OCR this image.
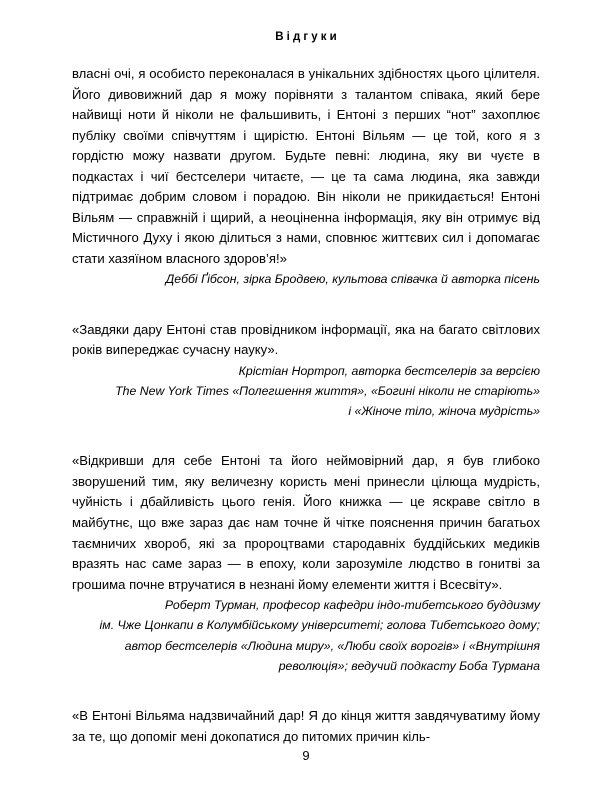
Відгуки

власні очі, я особисто переконалася в унікальних здібностях цього цілителя. Його дивовижний дар я можу порівняти з талантом співака, який бере найвищі ноти й ніколи не фальшивить, і Ентоні з перших “нот” захоплює публіку своїми співчуттям і щирістю. Ентоні Вільям — це той, кого я з гордістю можу назвати другом. Будьте певні: людина, яку ви чуєте в подкастах і чиї бестселери читаєте, — це та сама людина, яка завжди підтримає добрим словом і порадою. Він ніколи не прикидається! Ентоні Вільям — справжній і щирий, а неоціненна інформація, яку він отримує від Містичного Духу і якою ділиться з нами, сповнює життєвих сил і допомагає стати хазяїном власного здоров’я!»

Деббі Ґібсон, зірка Бродвею, культова співачка й авторка пісень

«Завдяки дару Ентоні став провідником інформації, яка на багато світлових років випереджає сучасну науку».

Крістіан Нортроп, авторка бестселерів за версією

The New York Times «Полегшення життя», «Богині ніколи не старіють»

і «Жіноче тіло, жіноча мудрість»

«Відкривши для себе Ентоні та його неймовірний дар, я був глибоко зворушений тим, яку величезну користь мені принесли цілюща мудрість, чуйність і дбайливість цього генія. Його книжка — це яскраве світло в майбутнє, що вже зараз дає нам точне й чітке пояснення причин багатьох таємничих хвороб, які за пророцтвами стародавніх буддійських медиків вразять нас саме зараз — в епоху, коли зарозуміле людство в гонитві за грошима почне втручатися в незнані йому елементи життя і Всесвіту».

Роберт Турман, професор кафедри індо-тибетського буддизму

ім. Чже Цонкапи в Колумбійському університеті; голова Тибетського дому;

автор бестселерів «Людина миру», «Люби своїх ворогів» і «Внутрішня

революція»; ведучий подкасту Боба Турмана

«В Ентоні Вільяма надзвичайний дар! Я до кінця життя завдячуватиму йому за те, що допоміг мені докопатися до питомих причин кіль-

9
